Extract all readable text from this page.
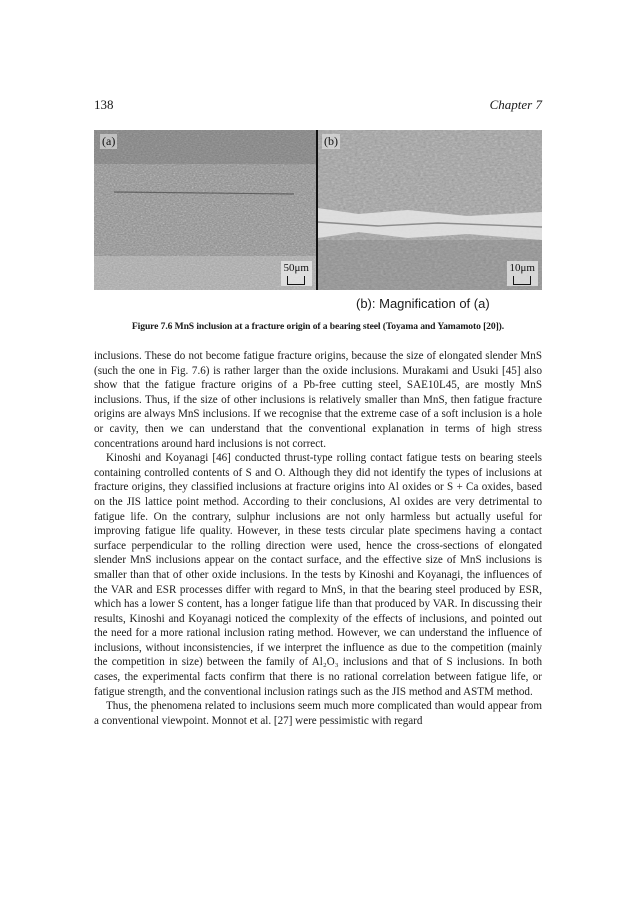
138	Chapter 7
(a)
50μm
(b)
10μm
(b): Magnification of (a)
Figure 7.6 MnS inclusion at a fracture origin of a bearing steel (Toyama and Yamamoto [20]).

inclusions. These do not become fatigue fracture origins, because the size of elongated slender MnS (such the one in Fig. 7.6) is rather larger than the oxide inclusions. Murakami and Usuki [45] also show that the fatigue fracture origins of a Pb-free cutting steel, SAE10L45, are mostly MnS inclusions. Thus, if the size of other inclusions is relatively smaller than MnS, then fatigue fracture origins are always MnS inclusions. If we recognise that the extreme case of a soft inclusion is a hole or cavity, then we can understand that the conventional explanation in terms of high stress concentrations around hard inclusions is not correct.

Kinoshi and Koyanagi [46] conducted thrust-type rolling contact fatigue tests on bearing steels containing controlled contents of S and O. Although they did not identify the types of inclusions at fracture origins, they classified inclusions at fracture origins into Al oxides or S + Ca oxides, based on the JIS lattice point method. According to their conclusions, Al oxides are very detrimental to fatigue life. On the contrary, sulphur inclusions are not only harmless but actually useful for improving fatigue life quality. However, in these tests circular plate specimens having a contact surface perpendicular to the rolling direction were used, hence the cross-sections of elongated slender MnS inclusions appear on the contact surface, and the effective size of MnS inclusions is smaller than that of other oxide inclusions. In the tests by Kinoshi and Koyanagi, the influences of the VAR and ESR processes differ with regard to MnS, in that the bearing steel produced by ESR, which has a lower S content, has a longer fatigue life than that produced by VAR. In discussing their results, Kinoshi and Koyanagi noticed the complexity of the effects of inclusions, and pointed out the need for a more rational inclusion rating method. However, we can understand the influence of inclusions, without inconsistencies, if we interpret the influence as due to the competition (mainly the competition in size) between the family of Al₂O₃ inclusions and that of S inclusions. In both cases, the experimental facts confirm that there is no rational correlation between fatigue life, or fatigue strength, and the conventional inclusion ratings such as the JIS method and ASTM method.

Thus, the phenomena related to inclusions seem much more complicated than would appear from a conventional viewpoint. Monnot et al. [27] were pessimistic with regard
